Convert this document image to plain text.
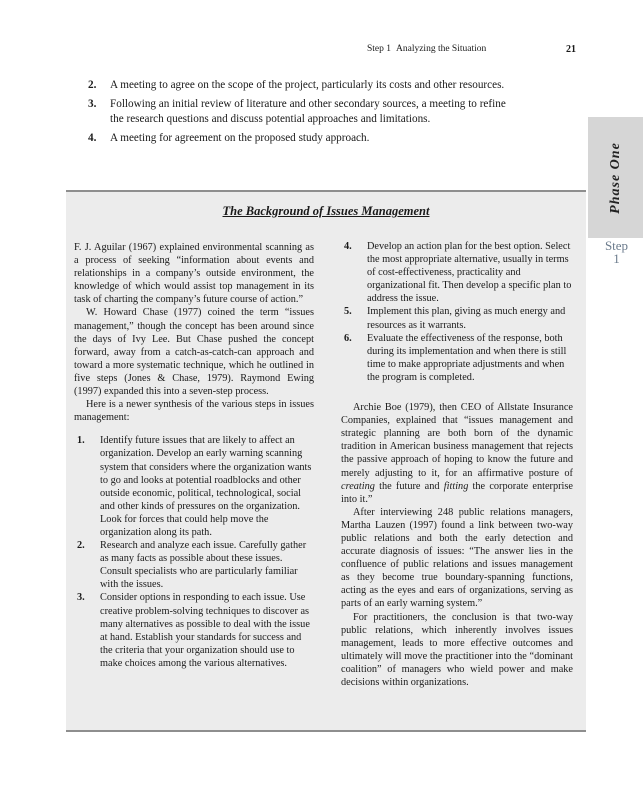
Step 1 Analyzing the Situation	21
2. A meeting to agree on the scope of the project, particularly its costs and other resources.
3. Following an initial review of literature and other secondary sources, a meeting to refine the research questions and discuss potential approaches and limitations.
4. A meeting for agreement on the proposed study approach.
Phase One
Step
1
The Background of Issues Management

F. J. Aguilar (1967) explained environmental scanning as a process of seeking “information about events and relationships in a company’s outside environment, the knowledge of which would assist top management in its task of charting the company’s future course of action.”

W. Howard Chase (1977) coined the term “issues management,” though the concept has been around since the days of Ivy Lee. But Chase pushed the concept forward, away from a catch-as-catch-can approach and toward a more systematic technique, which he outlined in five steps (Jones & Chase, 1979). Raymond Ewing (1997) expanded this into a seven-step process.

Here is a newer synthesis of the various steps in issues management:

1. Identify future issues that are likely to affect an organization. Develop an early warning scanning system that considers where the organization wants to go and looks at potential roadblocks and other outside economic, political, technological, social and other kinds of pressures on the organization. Look for forces that could help move the organization along its path.
2. Research and analyze each issue. Carefully gather as many facts as possible about these issues. Consult specialists who are particularly familiar with the issues.
3. Consider options in responding to each issue. Use creative problem-solving techniques to discover as many alternatives as possible to deal with the issue at hand. Establish your standards for success and the criteria that your organization should use to make choices among the various alternatives.
4. Develop an action plan for the best option. Select the most appropriate alternative, usually in terms of cost-effectiveness, practicality and organizational fit. Then develop a specific plan to address the issue.
5. Implement this plan, giving as much energy and resources as it warrants.
6. Evaluate the effectiveness of the response, both during its implementation and when there is still time to make appropriate adjustments and when the program is completed.

Archie Boe (1979), then CEO of Allstate Insurance Companies, explained that “issues management and strategic planning are both born of the dynamic tradition in American business management that rejects the passive approach of hoping to know the future and merely adjusting to it, for an affirmative posture of creating the future and fitting the corporate enterprise into it.”

After interviewing 248 public relations managers, Martha Lauzen (1997) found a link between two-way public relations and both the early detection and accurate diagnosis of issues: “The answer lies in the confluence of public relations and issues management as they become true boundary-spanning functions, acting as the eyes and ears of organizations, serving as parts of an early warning system.”

For practitioners, the conclusion is that two-way public relations, which inherently involves issues management, leads to more effective outcomes and ultimately will move the practitioner into the “dominant coalition” of managers who wield power and make decisions within organizations.
